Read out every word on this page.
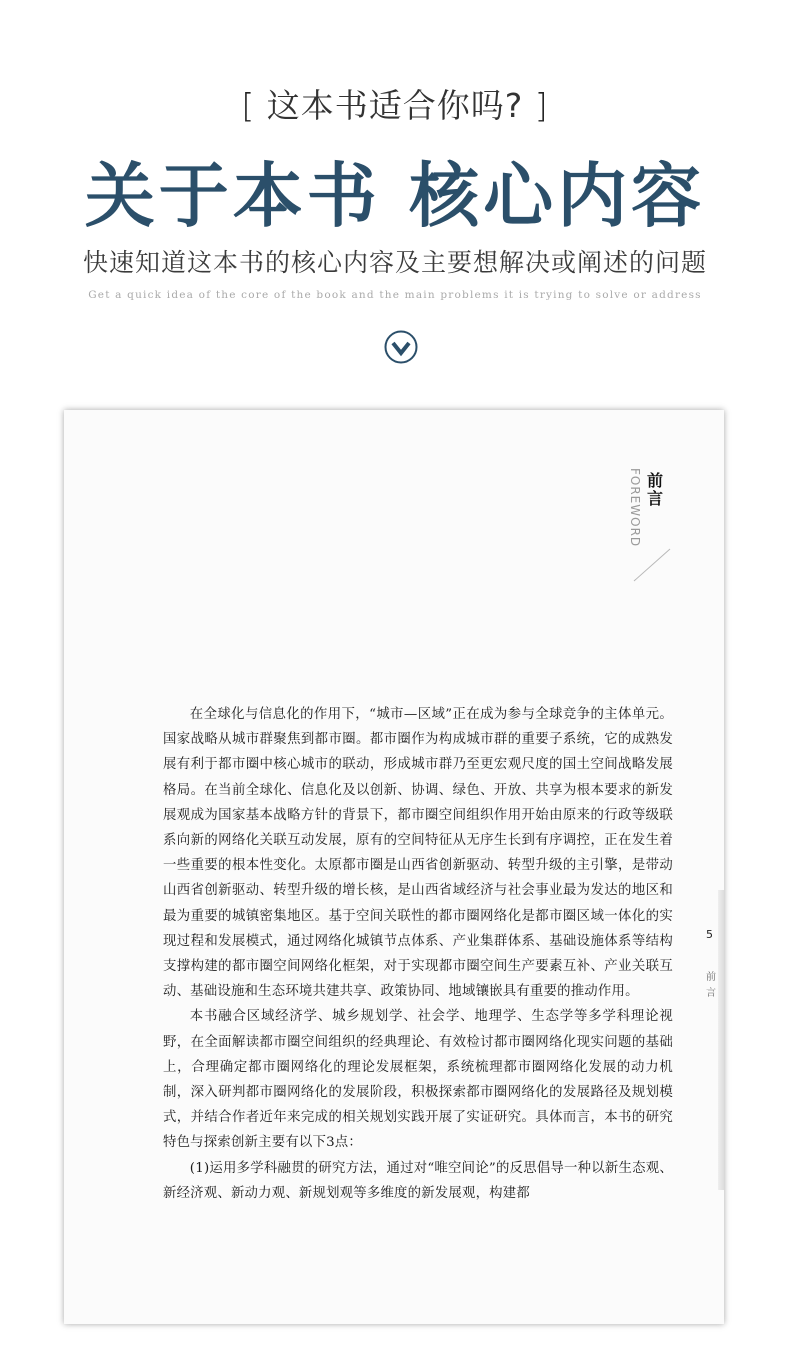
[ 这本书适合你吗? ]
关于本书 核心内容
快速知道这本书的核心内容及主要想解决或阐述的问题
Get a quick idea of the core of the book and the main problems it is trying to solve or address
FOREWORD 前言

在全球化与信息化的作用下，“城市—区域”正在成为参与全球竞争的主体单元。国家战略从城市群聚焦到都市圈。都市圈作为构成城市群的重要子系统，它的成熟发展有利于都市圈中核心城市的联动，形成城市群乃至更宏观尺度的国土空间战略发展格局。在当前全球化、信息化及以创新、协调、绿色、开放、共享为根本要求的新发展观成为国家基本战略方针的背景下，都市圈空间组织作用开始由原来的行政等级联系向新的网络化关联互动发展，原有的空间特征从无序生长到有序调控，正在发生着一些重要的根本性变化。太原都市圈是山西省创新驱动、转型升级的主引擎，是带动山西省创新驱动、转型升级的增长核，是山西省域经济与社会事业最为发达的地区和最为重要的城镇密集地区。基于空间关联性的都市圈网络化是都市圈区域一体化的实现过程和发展模式，通过网络化城镇节点体系、产业集群体系、基础设施体系等结构支撑构建的都市圈空间网络化框架，对于实现都市圈空间生产要素互补、产业关联互动、基础设施和生态环境共建共享、政策协同、地域镶嵌具有重要的推动作用。

本书融合区域经济学、城乡规划学、社会学、地理学、生态学等多学科理论视野，在全面解读都市圈空间组织的经典理论、有效检讨都市圈网络化现实问题的基础上，合理确定都市圈网络化的理论发展框架，系统梳理都市圈网络化发展的动力机制，深入研判都市圈网络化的发展阶段，积极探索都市圈网络化的发展路径及规划模式，并结合作者近年来完成的相关规划实践开展了实证研究。具体而言，本书的研究特色与探索创新主要有以下3点：

(1)运用多学科融贯的研究方法，通过对“唯空间论”的反思倡导一种以新生态观、新经济观、新动力观、新规划观等多维度的新发展观，构建都

5
前言
